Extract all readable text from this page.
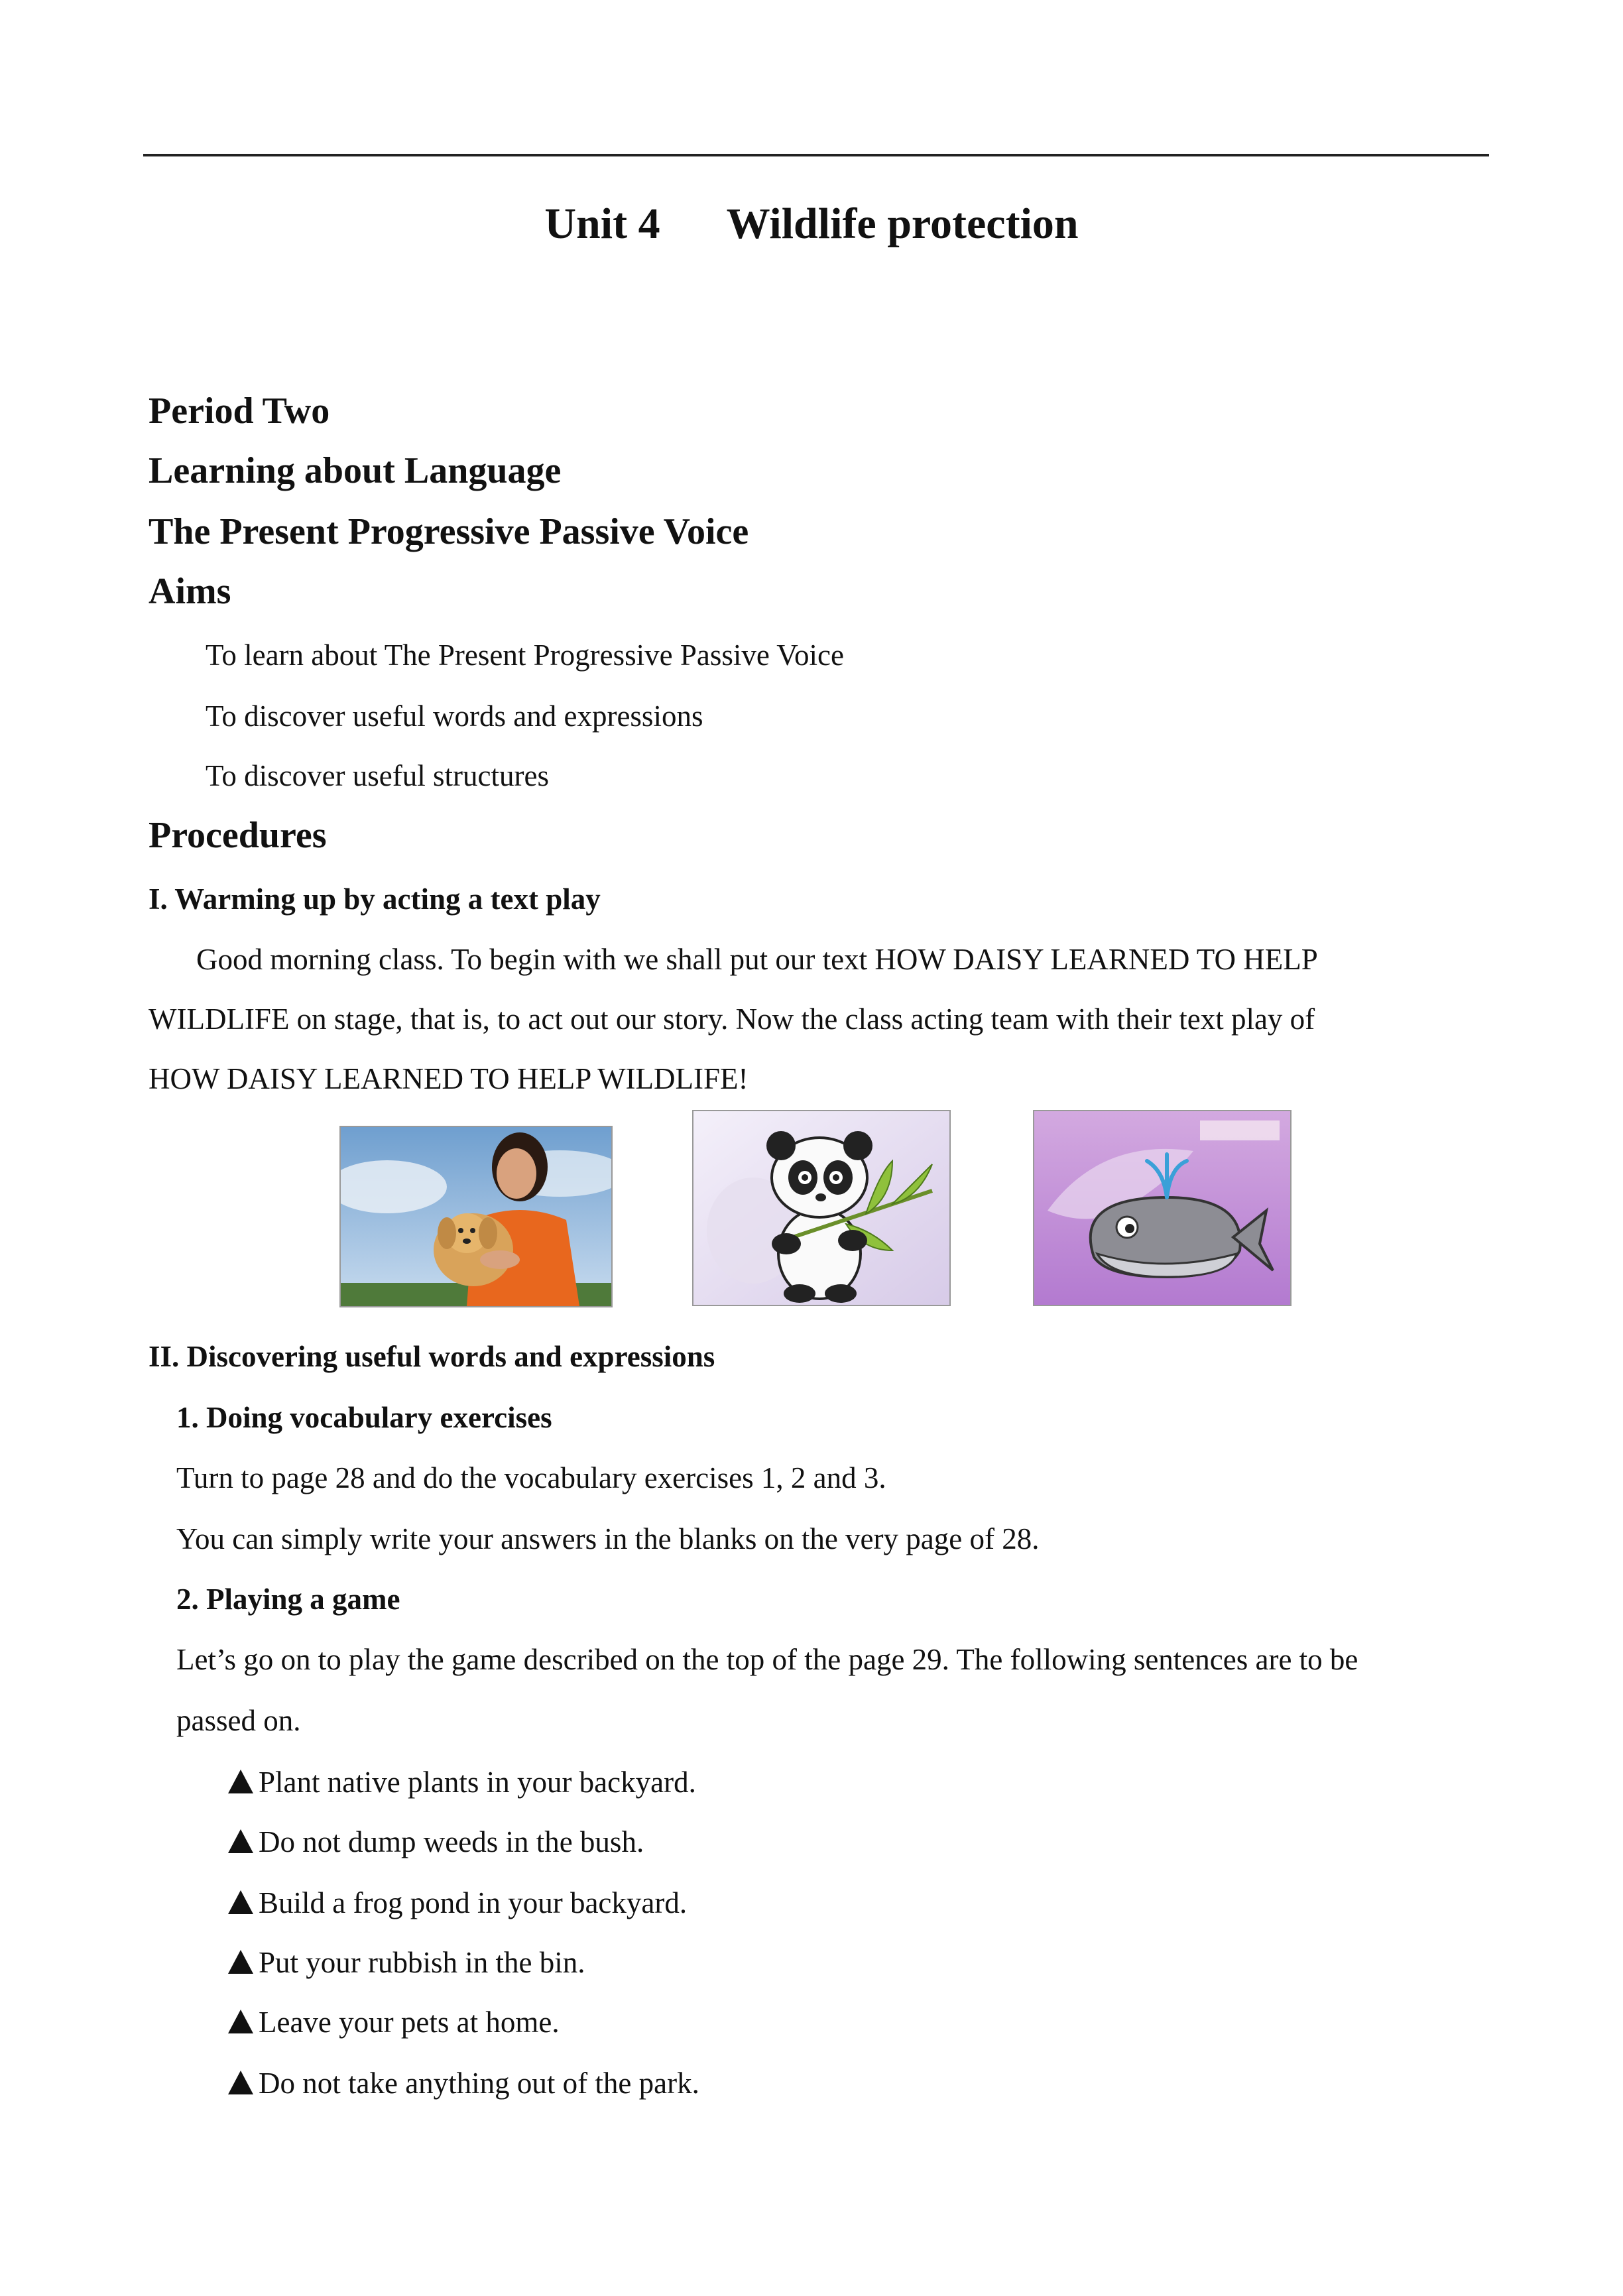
Unit 4 Wildlife protection
Period Two
Learning about Language
The Present Progressive Passive Voice
Aims
To learn about The Present Progressive Passive Voice
To discover useful words and expressions
To discover useful structures
Procedures
I. Warming up by acting a text play
Good morning class. To begin with we shall put our text HOW DAISY LEARNED TO HELP
WILDLIFE on stage, that is, to act out our story. Now the class acting team with their text play of
HOW DAISY LEARNED TO HELP WILDLIFE!
II. Discovering useful words and expressions
1. Doing vocabulary exercises
Turn to page 28 and do the vocabulary exercises 1, 2 and 3.
You can simply write your answers in the blanks on the very page of 28.
2. Playing a game
Let’s go on to play the game described on the top of the page 29. The following sentences are to be
passed on.
Plant native plants in your backyard.
Do not dump weeds in the bush.
Build a frog pond in your backyard.
Put your rubbish in the bin.
Leave your pets at home.
Do not take anything out of the park.
